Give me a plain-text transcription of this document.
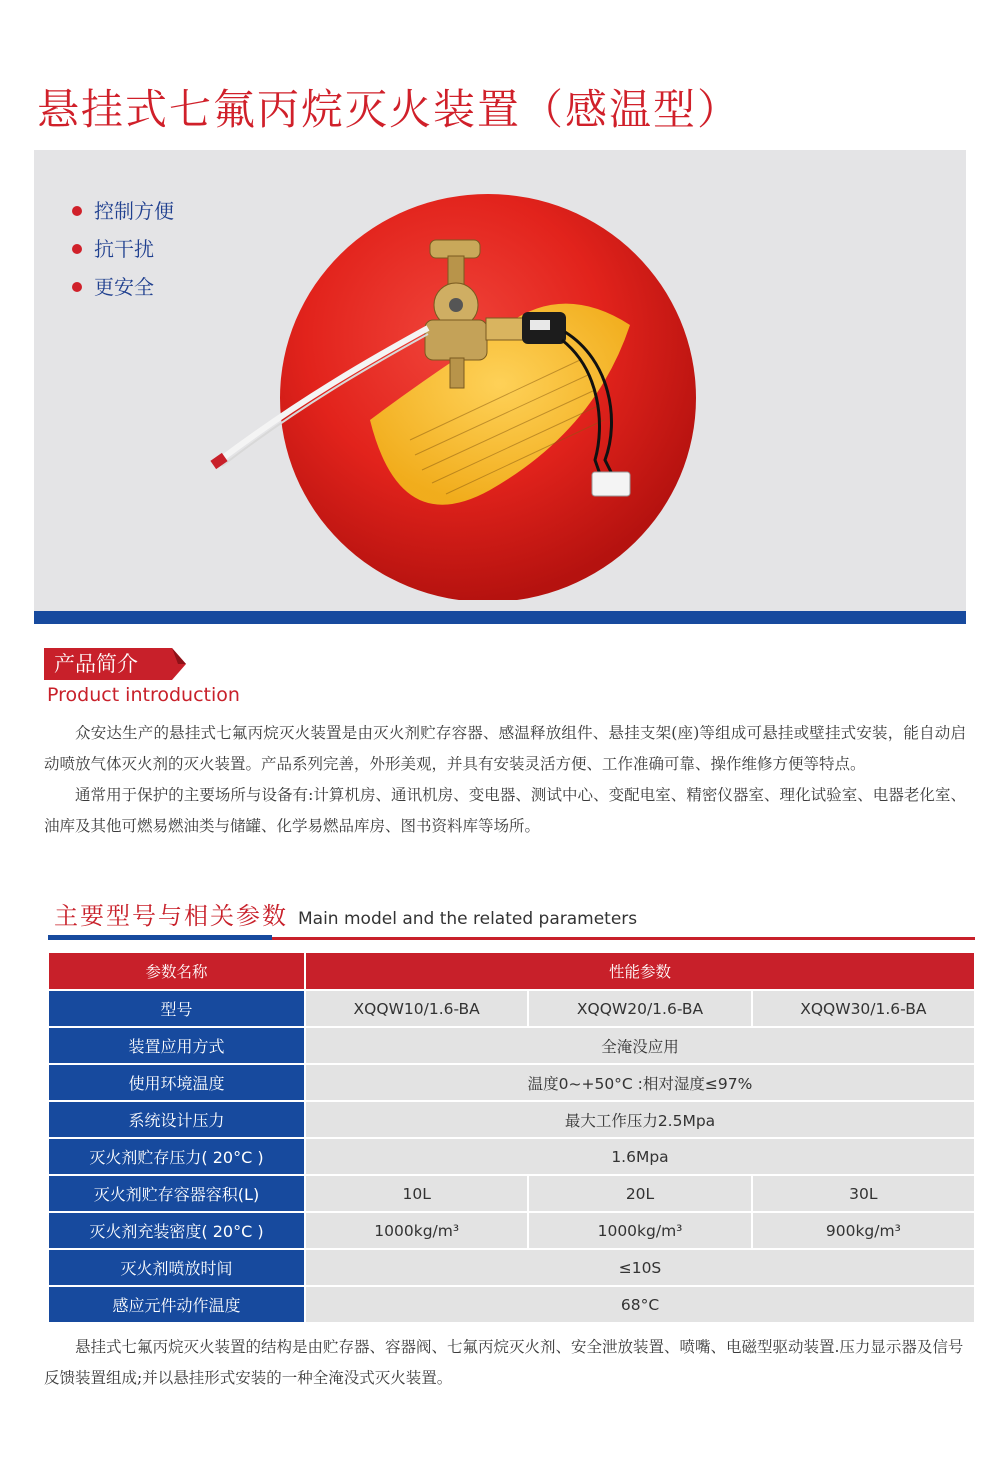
悬挂式七氟丙烷灭火装置（感温型）
控制方便
抗干扰
更安全
产品简介
Product introduction

众安达生产的悬挂式七氟丙烷灭火装置是由灭火剂贮存容器、感温释放组件、悬挂支架(座)等组成可悬挂或壁挂式安装，能自动启动喷放气体灭火剂的灭火装置。产品系列完善，外形美观，并具有安装灵活方便、工作准确可靠、操作维修方便等特点。

通常用于保护的主要场所与设备有:计算机房、通讯机房、变电器、测试中心、变配电室、精密仪器室、理化试验室、电器老化室、油库及其他可燃易燃油类与储罐、化学易燃品库房、图书资料库等场所。

主要型号与相关参数 Main model and the related parameters
参数名称	性能参数		
型号	XQQW10/1.6-BA	XQQW20/1.6-BA	XQQW30/1.6-BA
装置应用方式	全淹没应用		
使用环境温度	温度0~+50°C :相对湿度≤97%		
系统设计压力	最大工作压力2.5Mpa		
灭火剂贮存压力( 20°C )	1.6Mpa		
灭火剂贮存容器容积(L)	10L	20L	30L
灭火剂充装密度( 20°C )	1000kg/m³	1000kg/m³	900kg/m³
灭火剂喷放时间	≤10S		
感应元件动作温度	68°C		

悬挂式七氟丙烷灭火装置的结构是由贮存器、容器阀、七氟丙烷灭火剂、安全泄放装置、喷嘴、电磁型驱动装置.压力显示器及信号反馈装置组成;并以悬挂形式安装的一种全淹没式灭火装置。
